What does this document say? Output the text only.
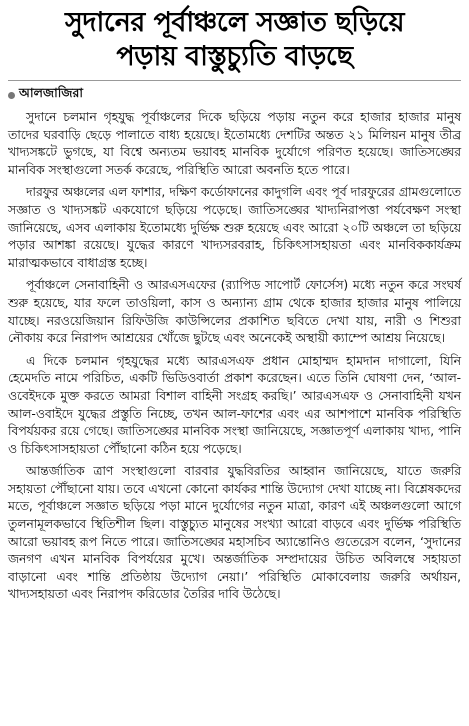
সুদানের পূর্বাঞ্চলে সজ্ঞাত ছড়িয়ে
পড়ায় বাস্তুচ্যুতি বাড়ছে
আলজাজিরা

সুদানে চলমান গৃহযুদ্ধ পূর্বাঞ্চলের দিকে ছড়িয়ে পড়ায় নতুন করে হাজার হাজার মানুষ তাদের ঘরবাড়ি ছেড়ে পালাতে বাধ্য হয়েছে। ইতোমধ্যে দেশটির অন্তত ২১ মিলিয়ন মানুষ তীব্র খাদ্যসঙ্কটে ভুগছে, যা বিশ্বে অন্যতম ভয়াবহ মানবিক দুর্যোগে পরিণত হয়েছে। জাতিসঙ্ঘের মানবিক সংস্থাগুলো সতর্ক করেছে, পরিস্থিতি আরো অবনতি হতে পারে।

দারফুর অঞ্চলের এল ফাশার, দক্ষিণ কর্ডোফানের কাদুগলি এবং পূর্ব দারফুরের গ্রামগুলোতে সজ্ঞাত ও খাদ্যসঙ্কট একযোগে ছড়িয়ে পড়েছে। জাতিসঙ্ঘের খাদ্যনিরাপত্তা পর্যবেক্ষণ সংস্থা জানিয়েছে, এসব এলাকায় ইতোমধ্যে দুর্ভিক্ষ শুরু হয়েছে এবং আরো ২০টি অঞ্চলে তা ছড়িয়ে পড়ার আশঙ্কা রয়েছে। যুদ্ধের কারণে খাদ্যসরবরাহ, চিকিৎসাসহায়তা এবং মানবিককার্যক্রম মারাত্মকভাবে বাধাগ্রস্ত হচ্ছে।

পূর্বাঞ্চলে সেনাবাহিনী ও আরএসএফের (র‍্যাপিড সাপোর্ট ফোর্সেস) মধ্যে নতুন করে সংঘর্ষ শুরু হয়েছে, যার ফলে তাওয়িলা, কাস ও অন্যান্য গ্রাম থেকে হাজার হাজার মানুষ পালিয়ে যাচ্ছে। নরওয়েজিয়ান রিফিউজি কাউন্সিলের প্রকাশিত ছবিতে দেখা যায়, নারী ও শিশুরা নৌকায় করে নিরাপদ আশ্রয়ের খোঁজে ছুটছে এবং অনেকেই অস্থায়ী ক্যাম্পে আশ্রয় নিয়েছে।

এ দিকে চলমান গৃহযুদ্ধের মধ্যে আরএসএফ প্রধান মোহাম্মদ হামদান দাগালো, যিনি হেমেদতি নামে পরিচিত, একটি ভিডিওবার্তা প্রকাশ করেছেন। এতে তিনি ঘোষণা দেন, ‘আল-ওবেইদকে মুক্ত করতে আমরা বিশাল বাহিনী সংগ্রহ করছি।’ আরএসএফ ও সেনাবাহিনী যখন আল-ওবাইদে যুদ্ধের প্রস্তুতি নিচ্ছে, তখন আল-ফাশের এবং এর আশপাশে মানবিক পরিস্থিতি বিপর্যয়কর রয়ে গেছে। জাতিসঙ্ঘের মানবিক সংস্থা জানিয়েছে, সজ্ঞাতপূর্ণ এলাকায় খাদ্য, পানি ও চিকিৎসাসহায়তা পৌঁছানো কঠিন হয়ে পড়েছে।

আন্তর্জাতিক ত্রাণ সংস্থাগুলো বারবার যুদ্ধবিরতির আহ্বান জানিয়েছে, যাতে জরুরি সহায়তা পৌঁছানো যায়। তবে এখনো কোনো কার্যকর শান্তি উদ্যোগ দেখা যাচ্ছে না। বিশ্লেষকদের মতে, পূর্বাঞ্চলে সজ্ঞাত ছড়িয়ে পড়া মানে দুর্যোগের নতুন মাত্রা, কারণ এই অঞ্চলগুলো আগে তুলনামূলকভাবে স্থিতিশীল ছিল। বাস্তুচ্যুত মানুষের সংখ্যা আরো বাড়বে এবং দুর্ভিক্ষ পরিস্থিতি আরো ভয়াবহ রূপ নিতে পারে। জাতিসঙ্ঘের মহাসচিব অ্যান্তোনিও গুতেরেস বলেন, ‘সুদানের জনগণ এখন মানবিক বিপর্যয়ের মুখে। অন্তর্জাতিক সম্প্রদায়ের উচিত অবিলম্বে সহায়তা বাড়ানো এবং শান্তি প্রতিষ্ঠায় উদ্যোগ নেয়া।’ পরিস্থিতি মোকাবেলায় জরুরি অর্থায়ন, খাদ্যসহায়তা এবং নিরাপদ করিডোর তৈরির দাবি উঠেছে।
